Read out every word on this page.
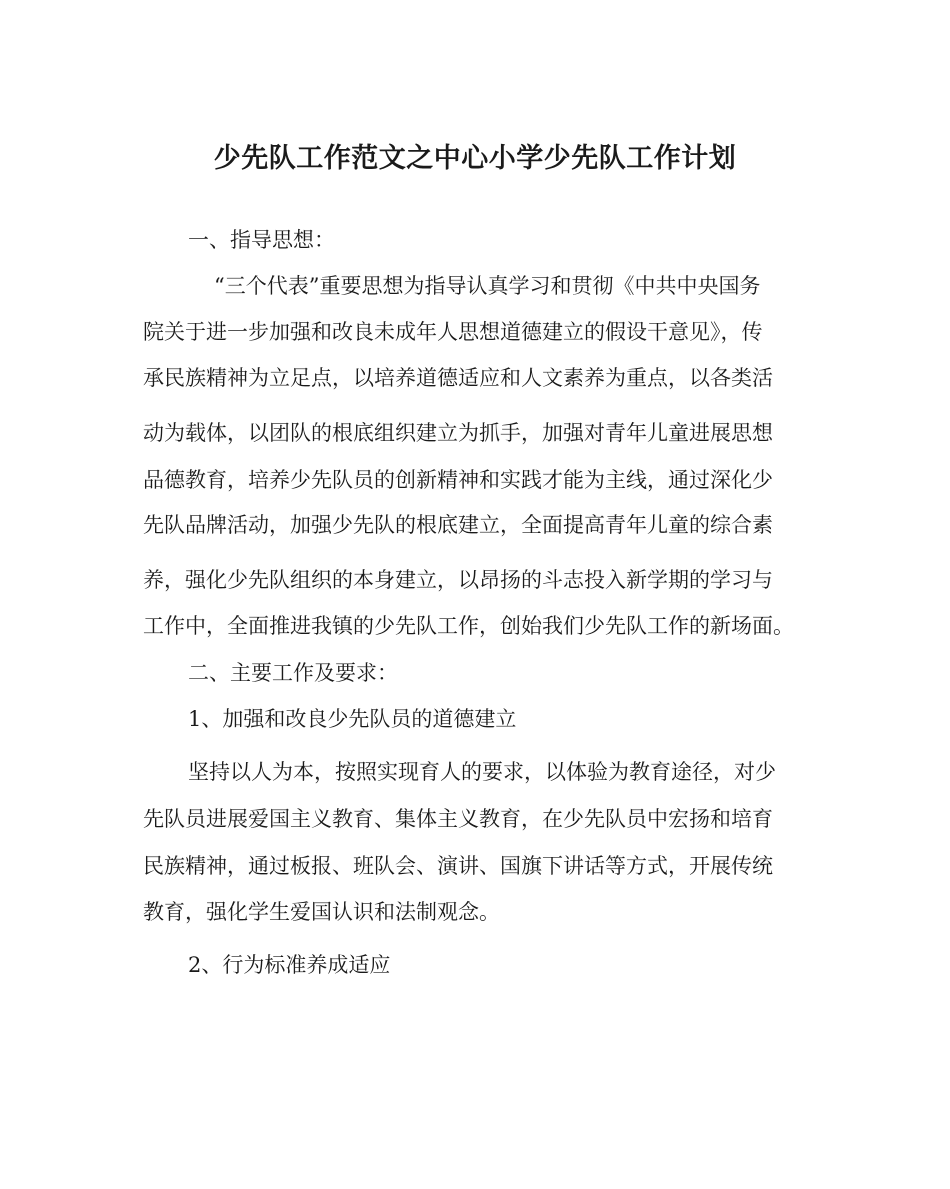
少先队工作范文之中心小学少先队工作计划
一、指导思想：
“三个代表”重要思想为指导认真学习和贯彻《中共中央国务
院关于进一步加强和改良未成年人思想道德建立的假设干意见》，传
承民族精神为立足点，以培养道德适应和人文素养为重点，以各类活
动为载体，以团队的根底组织建立为抓手，加强对青年儿童进展思想
品德教育，培养少先队员的创新精神和实践才能为主线，通过深化少
先队品牌活动，加强少先队的根底建立，全面提高青年儿童的综合素
养，强化少先队组织的本身建立，以昂扬的斗志投入新学期的学习与
工作中，全面推进我镇的少先队工作，创始我们少先队工作的新场面。
二、主要工作及要求：
1、加强和改良少先队员的道德建立
坚持以人为本，按照实现育人的要求，以体验为教育途径，对少
先队员进展爱国主义教育、集体主义教育，在少先队员中宏扬和培育
民族精神，通过板报、班队会、演讲、国旗下讲话等方式，开展传统
教育，强化学生爱国认识和法制观念。
2、行为标准养成适应
